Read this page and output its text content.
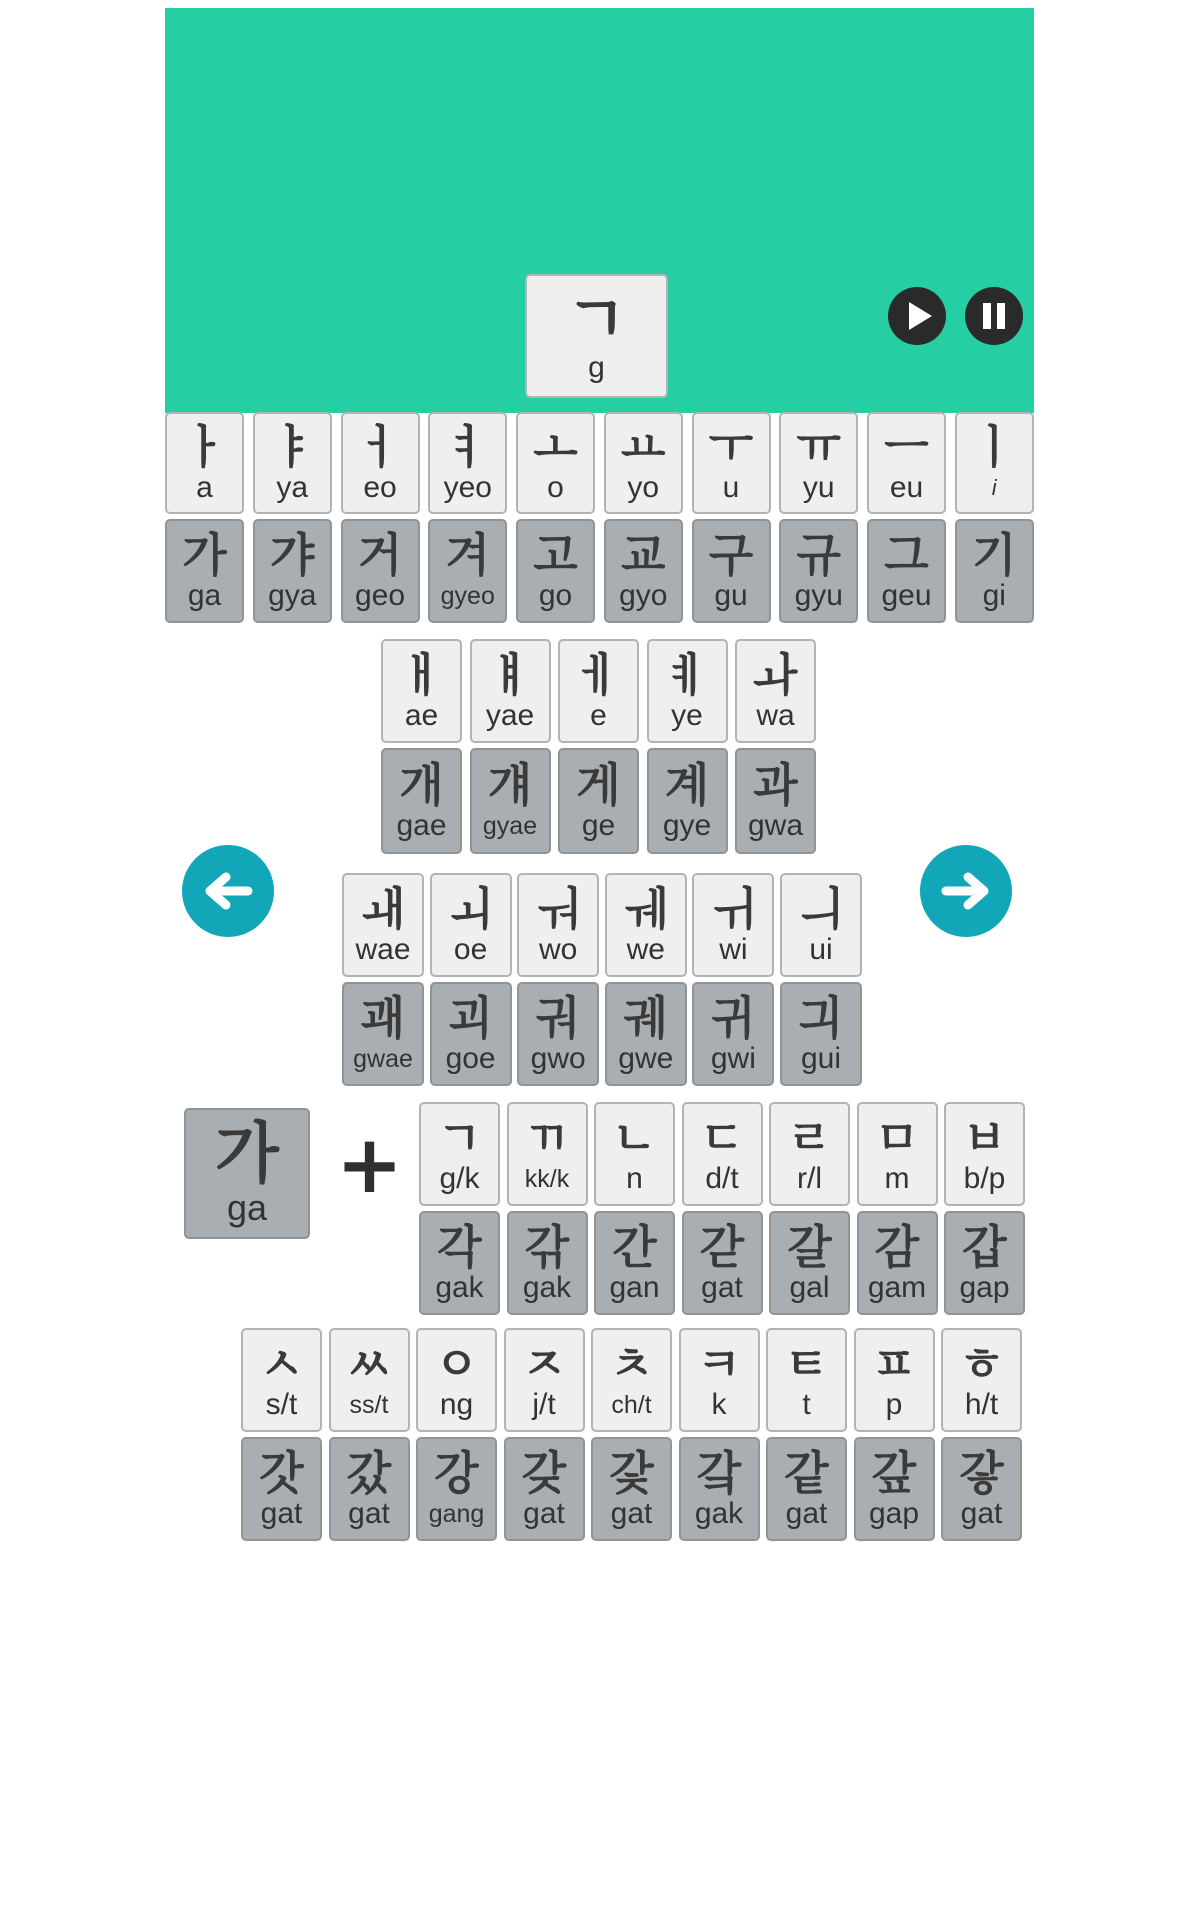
ㄱ
g
가
ga +
ㅏ
a
ㅑ
ya
ㅓ
eo
ㅕ
yeo
ㅗ
o
ㅛ
yo
ㅜ
u
ㅠ
yu
ㅡ
eu
ㅣ
i
가
ga
갸
gya
거
geo
겨
gyeo
고
go
교
gyo
구
gu
규
gyu
그
geu
기
gi
ㅐ
ae
ㅒ
yae
ㅔ
e
ㅖ
ye
ㅘ
wa
개
gae
걔
gyae
게
ge
계
gye
과
gwa
ㅙ
wae
ㅚ
oe
ㅝ
wo
ㅞ
we
ㅟ
wi
ㅢ
ui
괘
gwae
괴
goe
궈
gwo
궤
gwe
귀
gwi
긔
gui
ㄱ
g/k
ㄲ
kk/k
ㄴ
n
ㄷ
d/t
ㄹ
r/l
ㅁ
m
ㅂ
b/p
각
gak
갂
gak
간
gan
갇
gat
갈
gal
감
gam
갑
gap
ㅅ
s/t
ㅆ
ss/t
ㅇ
ng
ㅈ
j/t
ㅊ
ch/t
ㅋ
k
ㅌ
t
ㅍ
p
ㅎ
h/t
갓
gat
갔
gat
강
gang
갖
gat
갗
gat
갘
gak
같
gat
갚
gap
갛
gat
